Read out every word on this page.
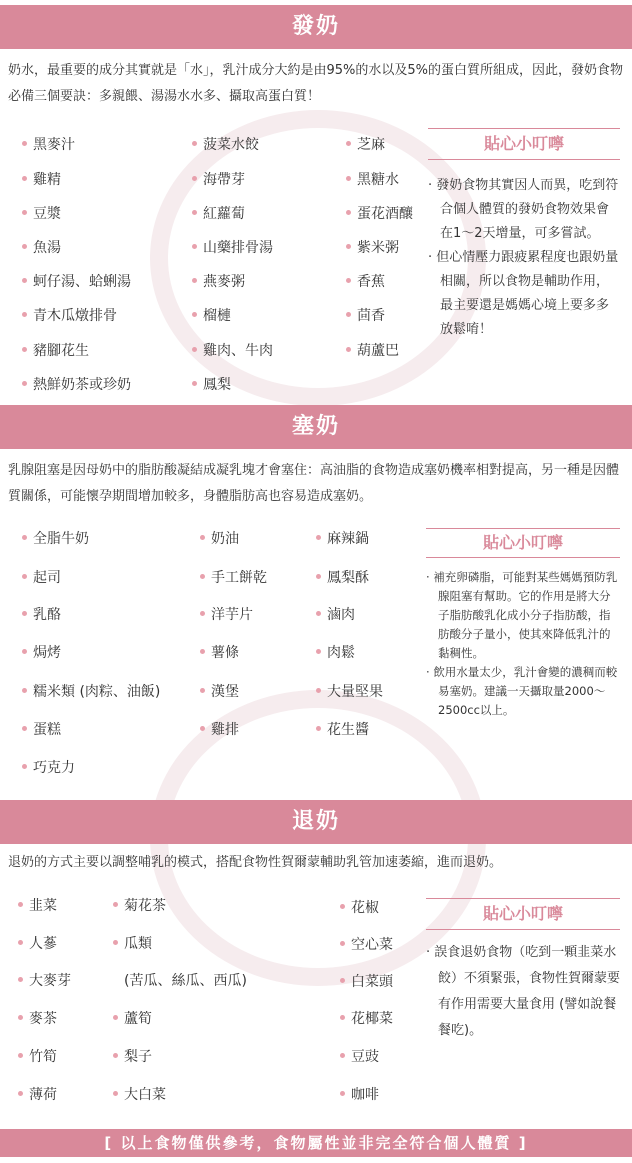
發奶
奶水，最重要的成分其實就是「水」，乳汁成分大約是由95%的水以及5%的蛋白質所組成，因此，發奶食物必備三個要訣：多親餵、湯湯水水多、攝取高蛋白質！
黑麥汁
雞精
豆漿
魚湯
蚵仔湯、蛤蜊湯
青木瓜燉排骨
豬腳花生
熱鮮奶茶或珍奶
菠菜水餃
海帶芽
紅蘿蔔
山藥排骨湯
燕麥粥
榴槤
雞肉、牛肉
鳳梨
芝麻
黑糖水
蛋花酒釀
紫米粥
香蕉
茴香
葫蘆巴
貼心小叮嚀

· 發奶食物其實因人而異，吃到符合個人體質的發奶食物效果會在1～2天增量，可多嘗試。

· 但心情壓力跟疲累程度也跟奶量相關，所以食物是輔助作用，最主要還是媽媽心境上要多多放鬆唷！

塞奶
乳腺阻塞是因母奶中的脂肪酸凝結成凝乳塊才會塞住：高油脂的食物造成塞奶機率相對提高，另一種是因體質關係，可能懷孕期間增加較多，身體脂肪高也容易造成塞奶。
全脂牛奶
起司
乳酪
焗烤
糯米類 (肉粽、油飯)
蛋糕
巧克力
奶油
手工餅乾
洋芋片
薯條
漢堡
雞排
麻辣鍋
鳳梨酥
滷肉
肉鬆
大量堅果
花生醬
貼心小叮嚀

· 補充卵磷脂，可能對某些媽媽預防乳腺阻塞有幫助。它的作用是將大分子脂肪酸乳化成小分子指肪酸，指肪酸分子量小，使其來降低乳汁的黏稠性。

· 飲用水量太少，乳汁會變的濃稠而較易塞奶。建議一天攝取量2000～2500cc以上。

退奶
退奶的方式主要以調整哺乳的模式，搭配食物性賀爾蒙輔助乳管加速萎縮，進而退奶。
韭菜
人蔘
大麥芽
麥茶
竹筍
薄荷
菊花茶
瓜類
(苦瓜、絲瓜、西瓜)
蘆筍
梨子
大白菜
花椒
空心菜
白菜頭
花椰菜
豆豉
咖啡
貼心小叮嚀

· 誤食退奶食物（吃到一顆韭菜水餃）不須緊張，食物性賀爾蒙要有作用需要大量食用 (譬如說餐餐吃)。

[ 以上食物僅供參考，食物屬性並非完全符合個人體質 ]
